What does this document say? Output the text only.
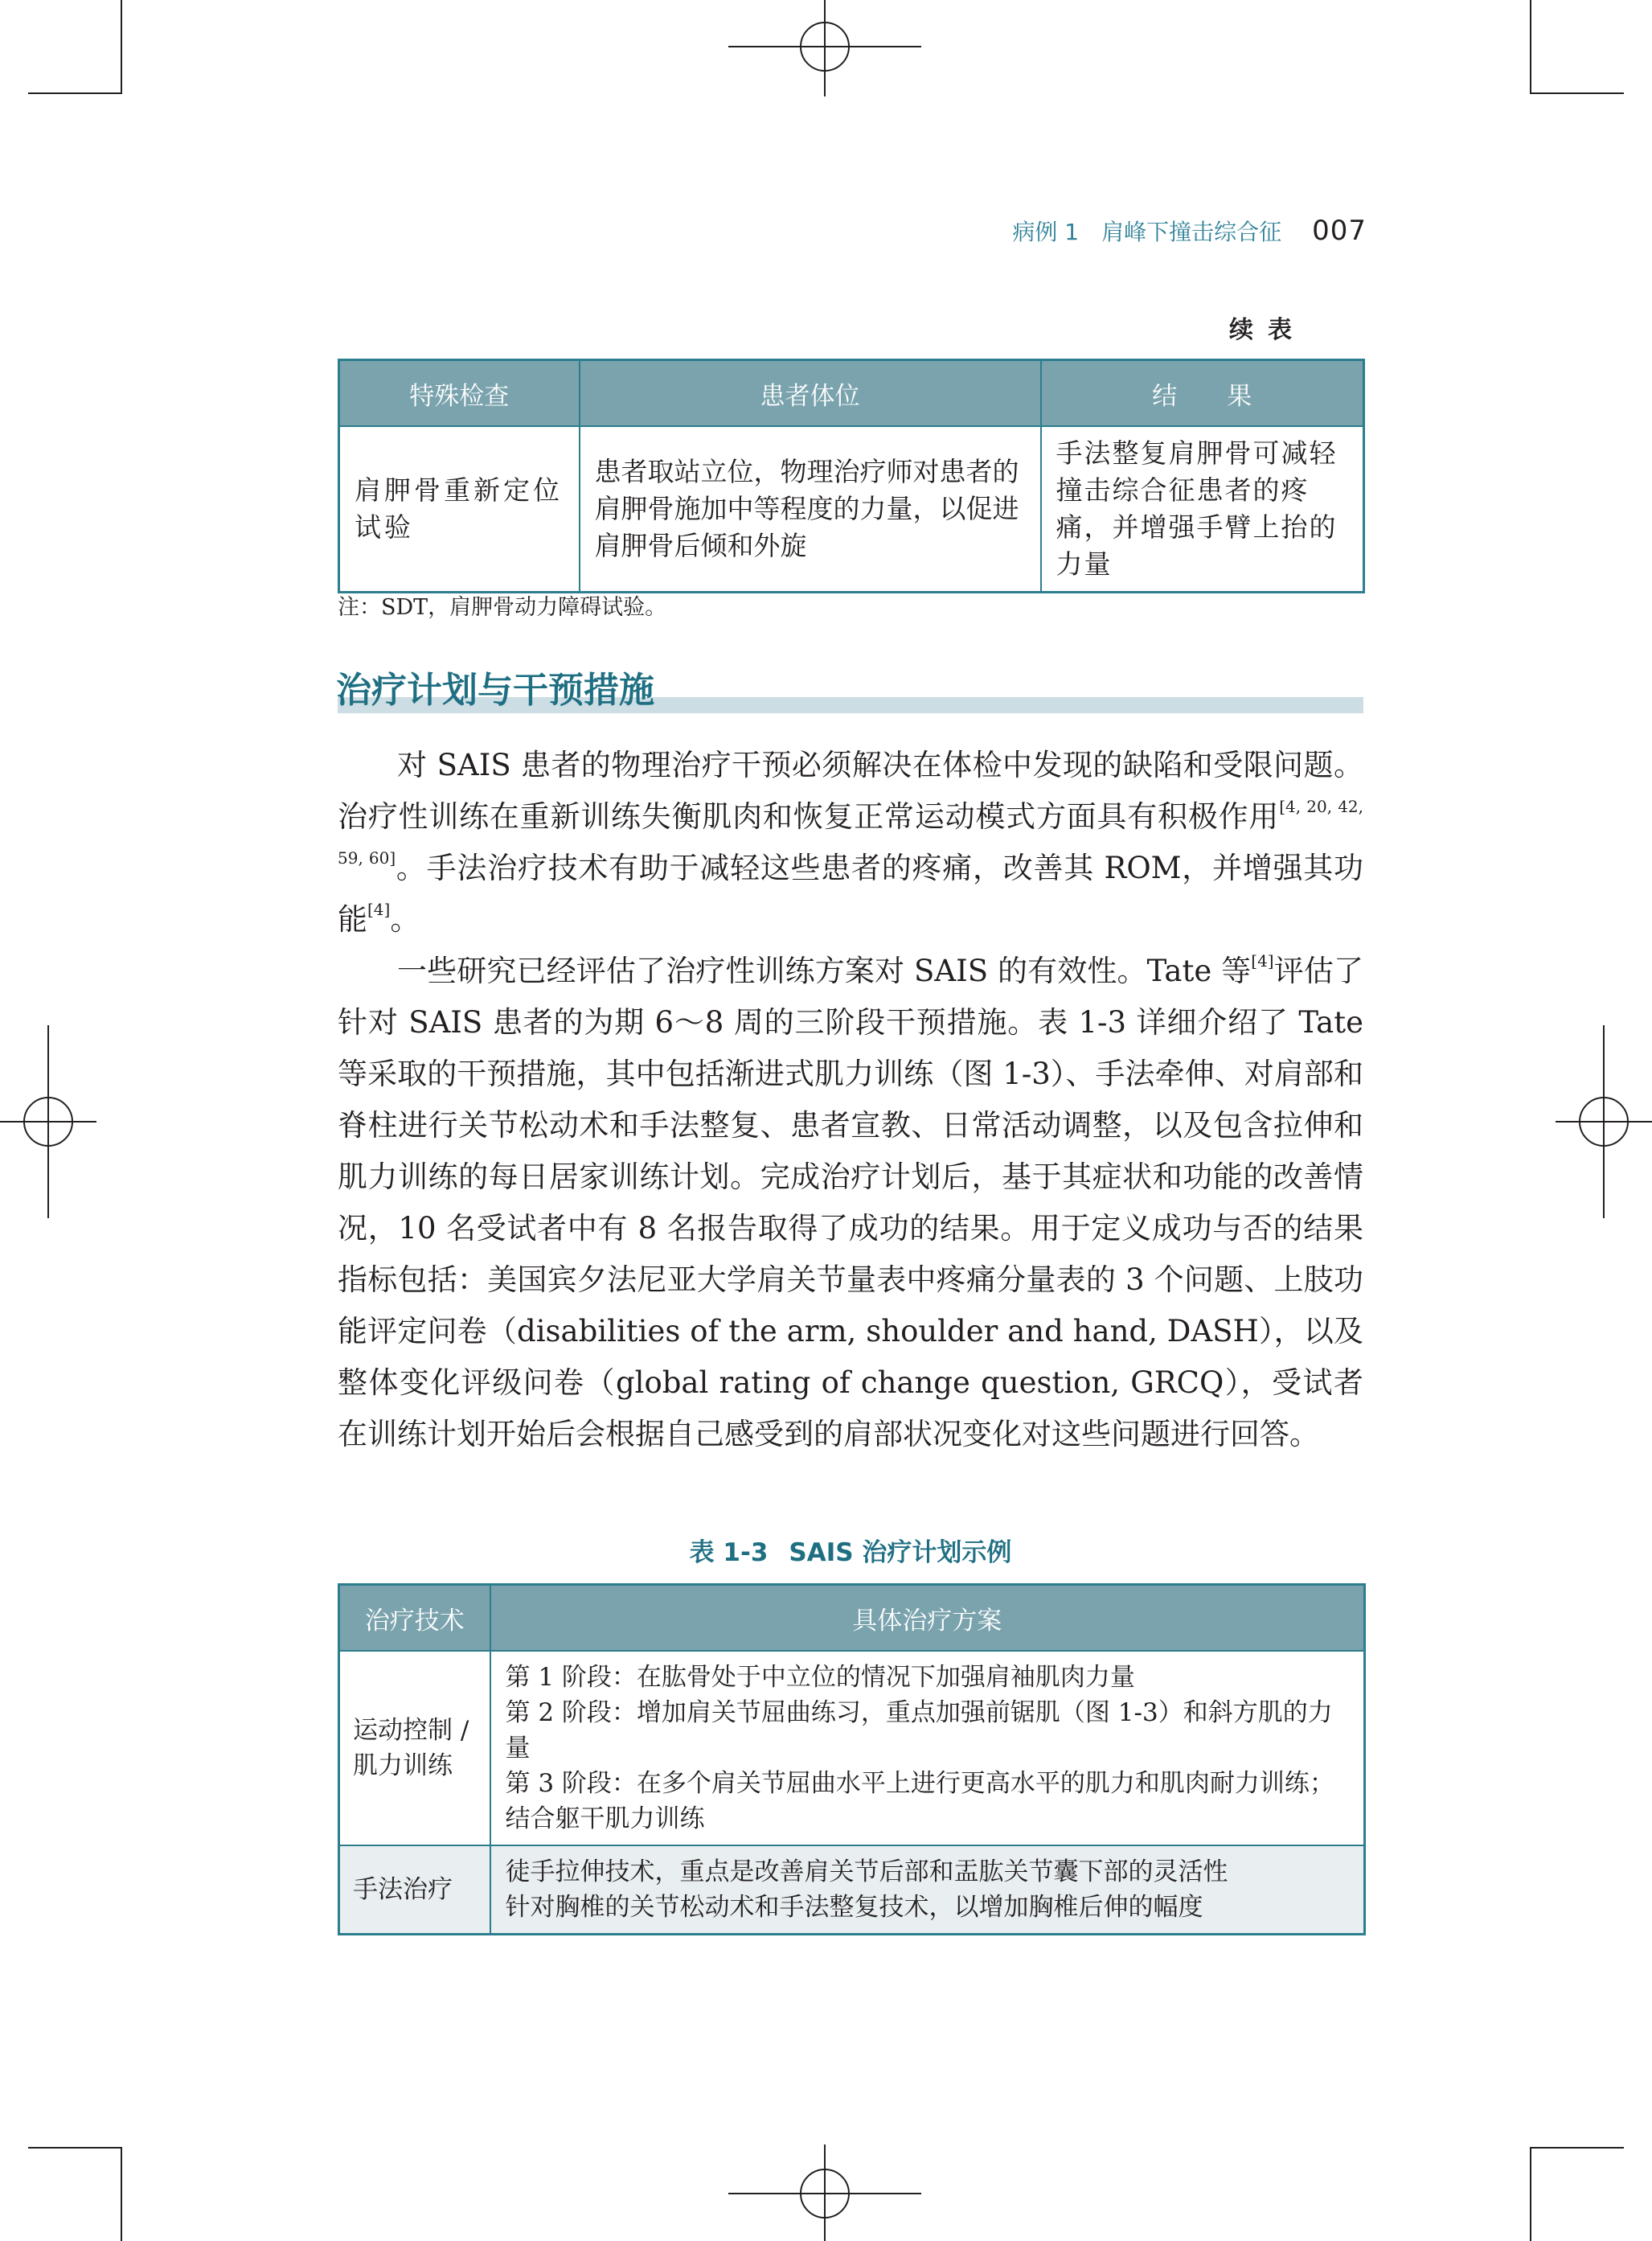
病例 1　肩峰下撞击综合征 007
续表
特殊检查	患者体位	结　　果
肩胛骨重新定位试验	患者取站立位，物理治疗师对患者的肩胛骨施加中等程度的力量，以促进肩胛骨后倾和外旋	手法整复肩胛骨可减轻撞击综合征患者的疼痛，并增强手臂上抬的力量
注：SDT，肩胛骨动力障碍试验。
治疗计划与干预措施

对 SAIS 患者的物理治疗干预必须解决在体检中发现的缺陷和受限问题。治疗性训练在重新训练失衡肌肉和恢复正常运动模式方面具有积极作用[4, 20, 42, 59, 60]。手法治疗技术有助于减轻这些患者的疼痛，改善其 ROM，并增强其功能[4]。

一些研究已经评估了治疗性训练方案对 SAIS 的有效性。Tate 等[4]评估了针对 SAIS 患者的为期 6～8 周的三阶段干预措施。表 1-3 详细介绍了 Tate 等采取的干预措施，其中包括渐进式肌力训练（图 1-3）、手法牵伸、对肩部和脊柱进行关节松动术和手法整复、患者宣教、日常活动调整，以及包含拉伸和肌力训练的每日居家训练计划。完成治疗计划后，基于其症状和功能的改善情况，10 名受试者中有 8 名报告取得了成功的结果。用于定义成功与否的结果指标包括：美国宾夕法尼亚大学肩关节量表中疼痛分量表的 3 个问题、上肢功能评定问卷（disabilities of the arm, shoulder and hand, DASH），以及整体变化评级问卷（global rating of change question, GRCQ），受试者在训练计划开始后会根据自己感受到的肩部状况变化对这些问题进行回答。

表 1-3 SAIS 治疗计划示例
治疗技术	具体治疗方案
运动控制 / 肌力训练	第 1 阶段：在肱骨处于中立位的情况下加强肩袖肌肉力量
第 2 阶段：增加肩关节屈曲练习，重点加强前锯肌（图 1-3）和斜方肌的力量
第 3 阶段：在多个肩关节屈曲水平上进行更高水平的肌力和肌肉耐力训练；结合躯干肌力训练

手法治疗	徒手拉伸技术，重点是改善肩关节后部和盂肱关节囊下部的灵活性
针对胸椎的关节松动术和手法整复技术，以增加胸椎后伸的幅度
